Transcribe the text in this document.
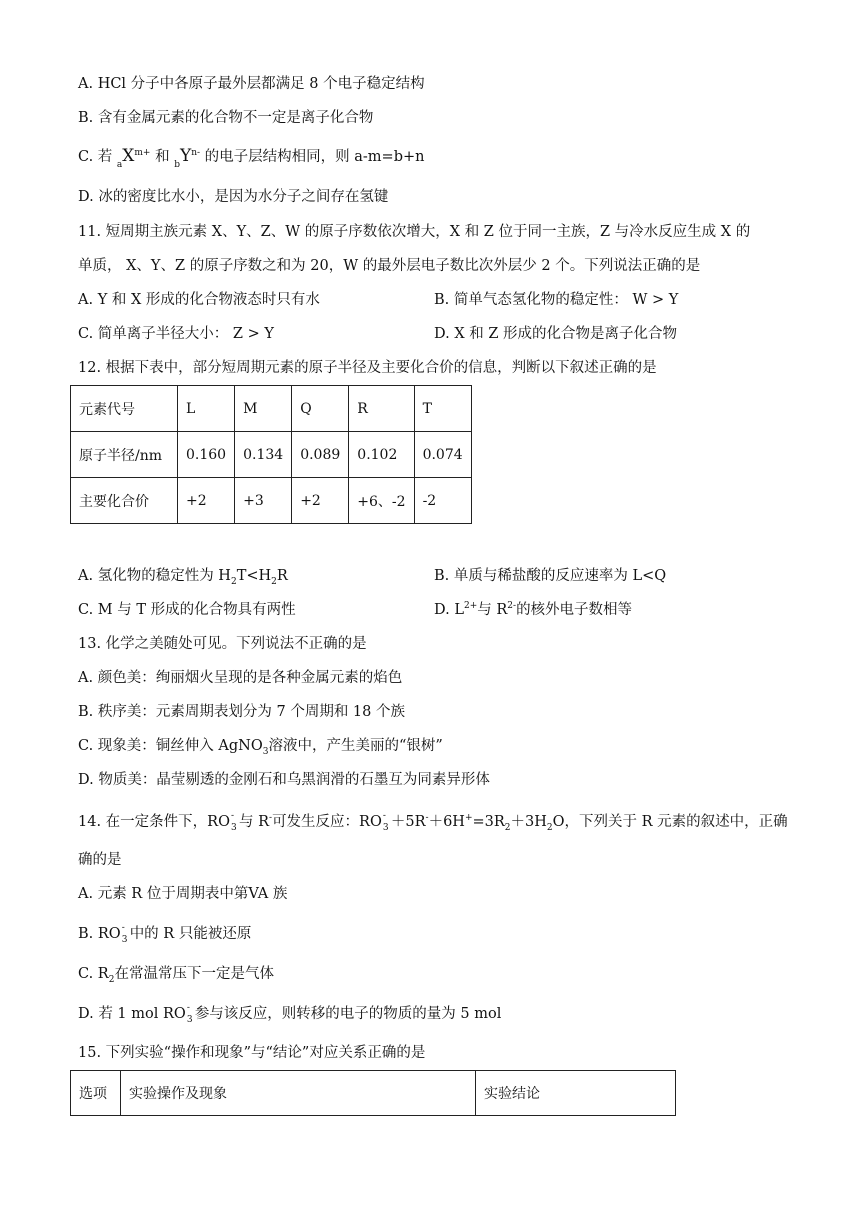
A. HCl 分子中各原子最外层都满足 8 个电子稳定结构
B. 含有金属元素的化合物不一定是离子化合物
C. 若 $_aX^{m+}$ 和 $_bY^{n-}$ 的电子层结构相同，则 a-m=b+n
D. 冰的密度比水小，是因为水分子之间存在氢键
11. 短周期主族元素 X、Y、Z、W 的原子序数依次增大，X 和 Z 位于同一主族，Z 与冷水反应生成 X 的
单质， X、Y、Z 的原子序数之和为 20，W 的最外层电子数比次外层少 2 个。下列说法正确的是
A. Y 和 X 形成的化合物液态时只有水	B. 简单气态氢化物的稳定性： W > Y
C. 简单离子半径大小： Z > Y	D. X 和 Z 形成的化合物是离子化合物
12. 根据下表中，部分短周期元素的原子半径及主要化合价的信息，判断以下叙述正确的是
元素代号	L	M	Q	R	T
原子半径/nm	0.160	0.134	0.089	0.102	0.074
主要化合价	+2	+3	+2	+6、-2	-2
A. 氢化物的稳定性为 $H_2T<H_2R$	B. 单质与稀盐酸的反应速率为 L<Q
C. M 与 T 形成的化合物具有两性	D. $L^{2+}$与 $R^{2-}$的核外电子数相等
13. 化学之美随处可见。下列说法不正确的是
A. 颜色美：绚丽烟火呈现的是各种金属元素的焰色
B. 秩序美：元素周期表划分为 7 个周期和 18 个族
C. 现象美：铜丝伸入 AgNO$_3$溶液中，产生美丽的“银树”
D. 物质美：晶莹剔透的金刚石和乌黑润滑的石墨互为同素异形体
14. 在一定条件下，RO -
3 与 R-可发生反应：RO -
$3 +5R^-+6H^+=3R_2+3H_2O$，下列关于 R 元素的叙述中，正确
确的是
A. 元素 R 位于周期表中第VA 族
B. RO -
3 中的 R 只能被还原
C. $R_2$在常温常压下一定是气体
D. 若 1 mol RO -
3 参与该反应，则转移的电子的物质的量为 5 mol
15. 下列实验“操作和现象”与“结论”对应关系正确的是
选项	实验操作及现象	实验结论
